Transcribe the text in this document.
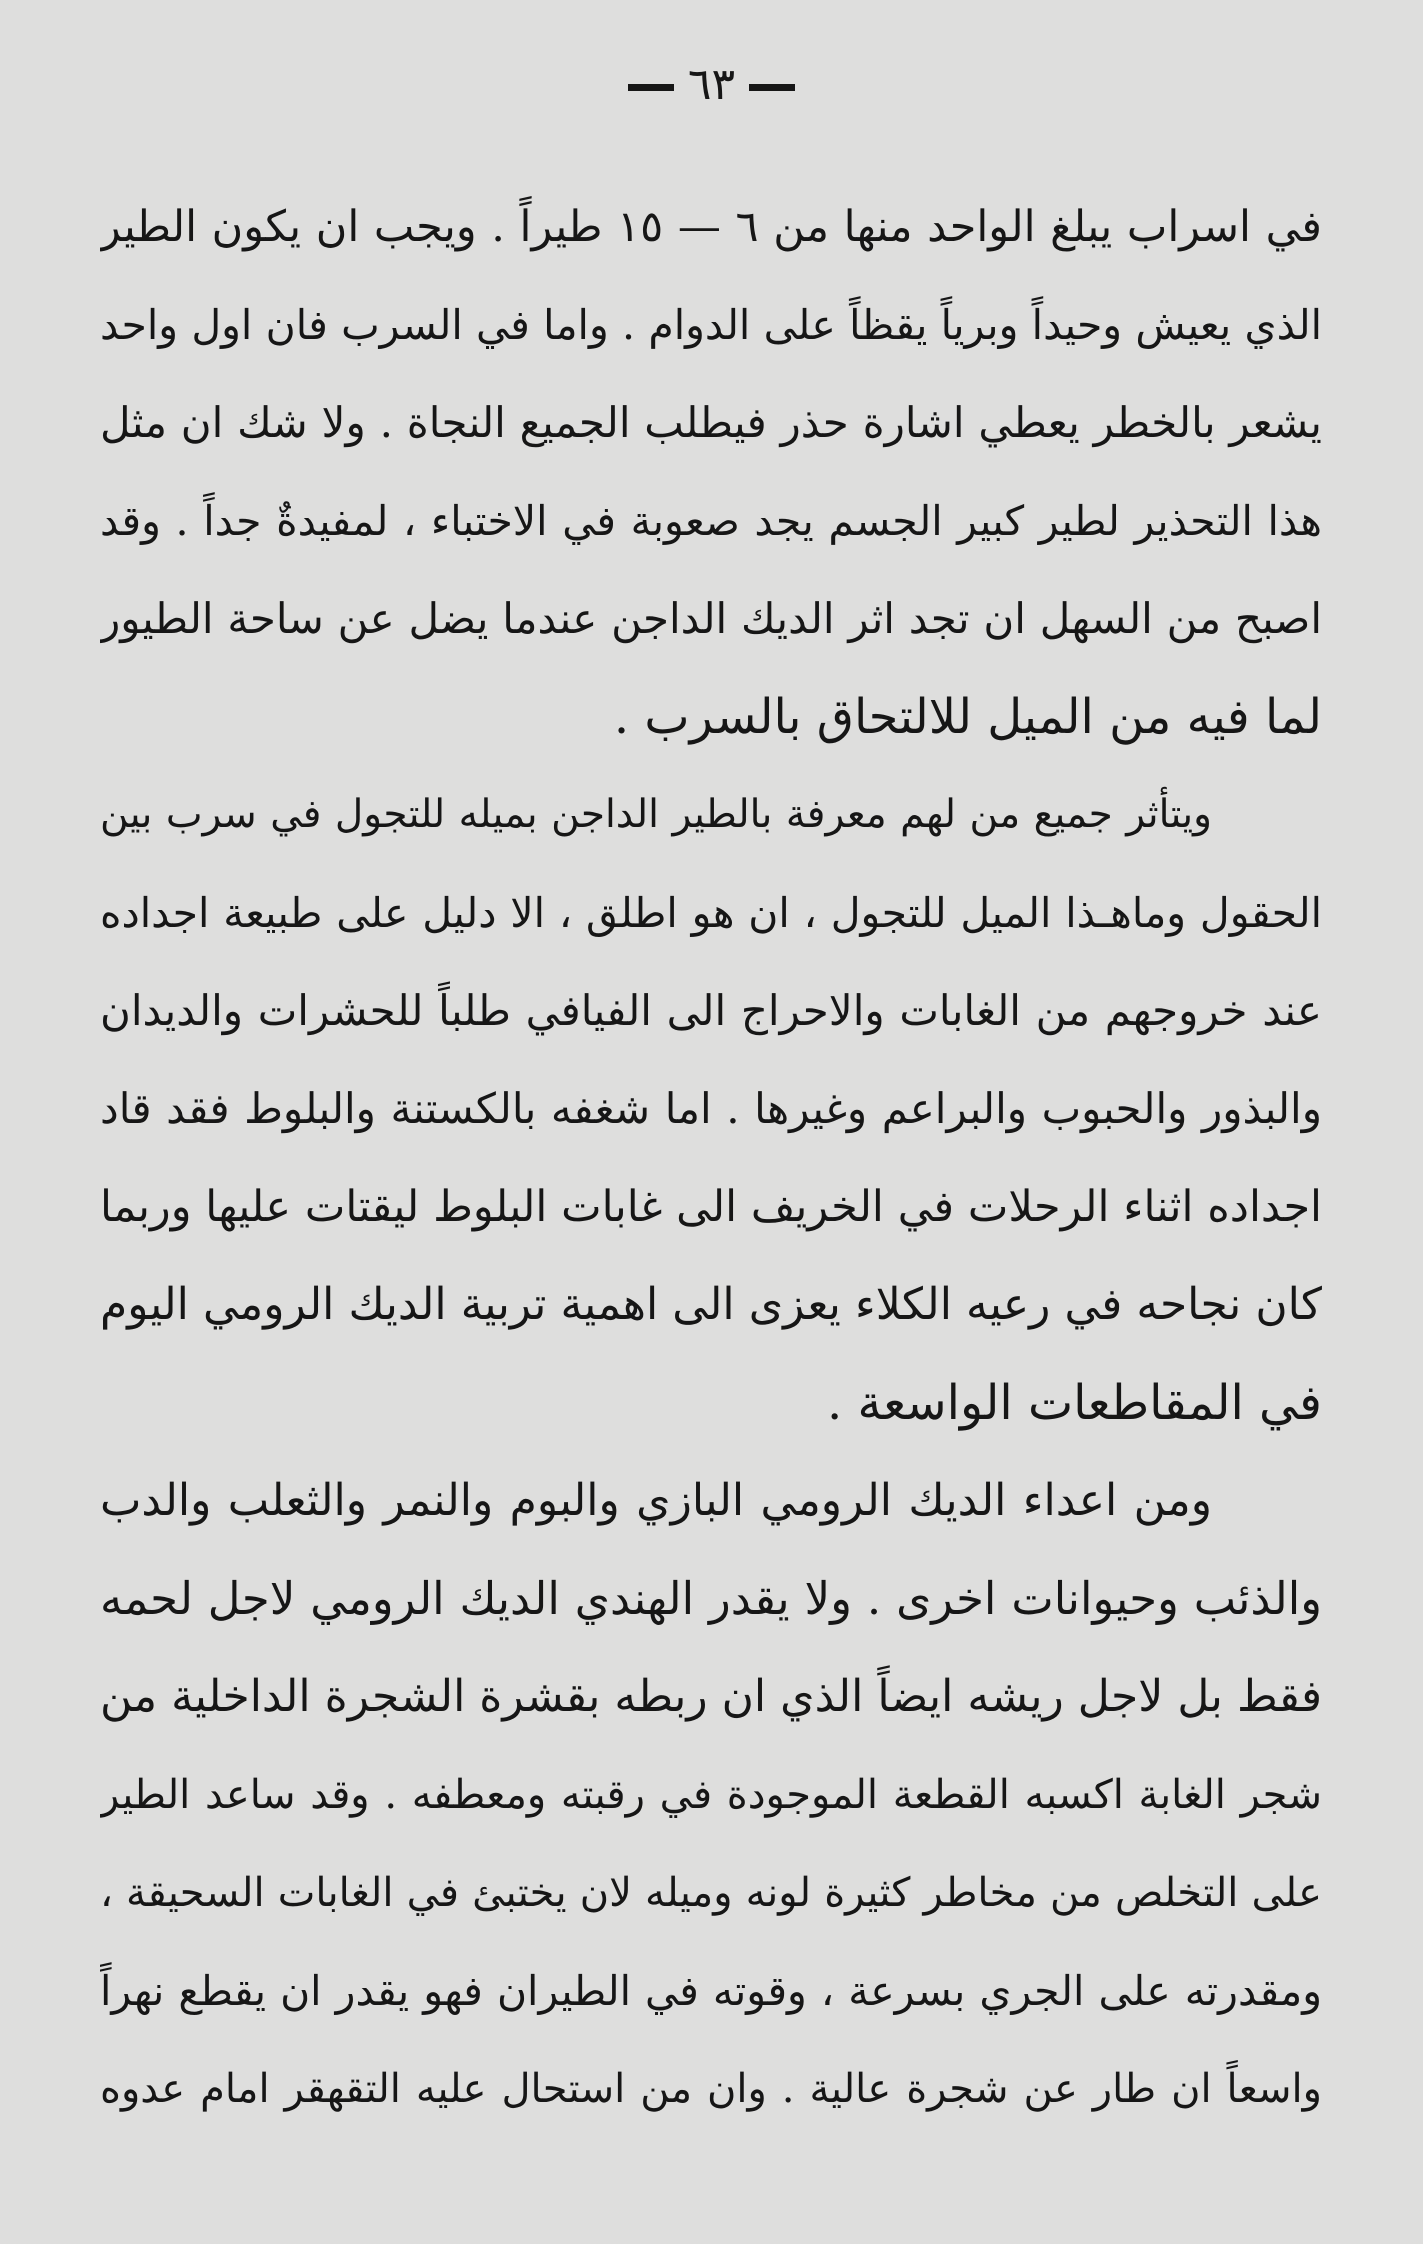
٦٣
في اسراب يبلغ الواحد منها من ٦ — ١٥ طيراً . ويجب ان يكون الطير
الذي يعيش وحيداً وبرياً يقظاً على الدوام . واما في السرب فان اول واحد
يشعر بالخطر يعطي اشارة حذر فيطلب الجميع النجاة . ولا شك ان مثل
هذا التحذير لطير كبير الجسم يجد صعوبة في الاختباء ، لمفيدةٌ جداً . وقد
اصبح من السهل ان تجد اثر الديك الداجن عندما يضل عن ساحة الطيور
لما فيه من الميل للالتحاق بالسرب .
ويتأثر جميع من لهم معرفة بالطير الداجن بميله للتجول في سرب بين
الحقول وماهـذا الميل للتجول ، ان هو اطلق ، الا دليل على طبيعة اجداده
عند خروجهم من الغابات والاحراج الى الفيافي طلباً للحشرات والديدان
والبذور والحبوب والبراعم وغيرها . اما شغفه بالكستنة والبلوط فقد قاد
اجداده اثناء الرحلات في الخريف الى غابات البلوط ليقتات عليها وربما
كان نجاحه في رعيه الكلاء يعزى الى اهمية تربية الديك الرومي اليوم
في المقاطعات الواسعة .
ومن اعداء الديك الرومي البازي والبوم والنمر والثعلب والدب
والذئب وحيوانات اخرى . ولا يقدر الهندي الديك الرومي لاجل لحمه
فقط بل لاجل ريشه ايضاً الذي ان ربطه بقشرة الشجرة الداخلية من
شجر الغابة اكسبه القطعة الموجودة في رقبته ومعطفه . وقد ساعد الطير
على التخلص من مخاطر كثيرة لونه وميله لان يختبئ في الغابات السحيقة ،
ومقدرته على الجري بسرعة ، وقوته في الطيران فهو يقدر ان يقطع نهراً
واسعاً ان طار عن شجرة عالية . وان من استحال عليه التقهقر امام عدوه
